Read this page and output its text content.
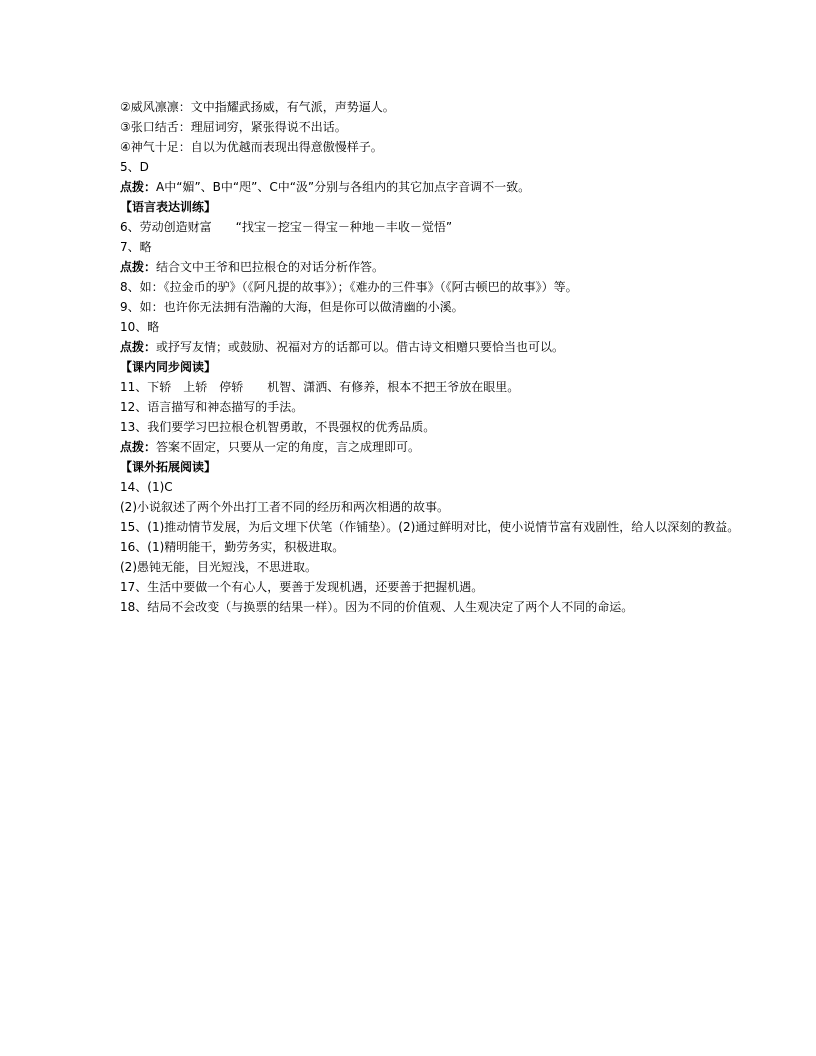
②威风凛凛：文中指耀武扬威，有气派，声势逼人。
③张口结舌：理屈词穷，紧张得说不出话。
④神气十足：自以为优越而表现出得意傲慢样子。
5、D
点拨：A中“媚”、B中“咫”、C中“汲”分别与各组内的其它加点字音调不一致。
【语言表达训练】
6、劳动创造财富　　“找宝－挖宝－得宝－种地－丰收－觉悟”
7、略
点拨：结合文中王爷和巴拉根仓的对话分析作答。
8、如：《拉金币的驴》（《阿凡提的故事》）；《难办的三件事》（《阿古顿巴的故事》）等。
9、如：也许你无法拥有浩瀚的大海，但是你可以做清幽的小溪。
10、略
点拨：或抒写友情；或鼓励、祝福对方的话都可以。借古诗文相赠只要恰当也可以。
【课内同步阅读】
11、下轿　上轿　停轿　　机智、潇洒、有修养，根本不把王爷放在眼里。
12、语言描写和神态描写的手法。
13、我们要学习巴拉根仓机智勇敢，不畏强权的优秀品质。
点拨：答案不固定，只要从一定的角度，言之成理即可。
【课外拓展阅读】
14、(1)C
(2)小说叙述了两个外出打工者不同的经历和两次相遇的故事。
15、(1)推动情节发展，为后文埋下伏笔（作铺垫）。(2)通过鲜明对比，使小说情节富有戏剧性，给人以深刻的教益。
16、(1)精明能干，勤劳务实，积极进取。
(2)愚钝无能，目光短浅，不思进取。
17、生活中要做一个有心人，要善于发现机遇，还要善于把握机遇。
18、结局不会改变（与换票的结果一样）。因为不同的价值观、人生观决定了两个人不同的命运。
